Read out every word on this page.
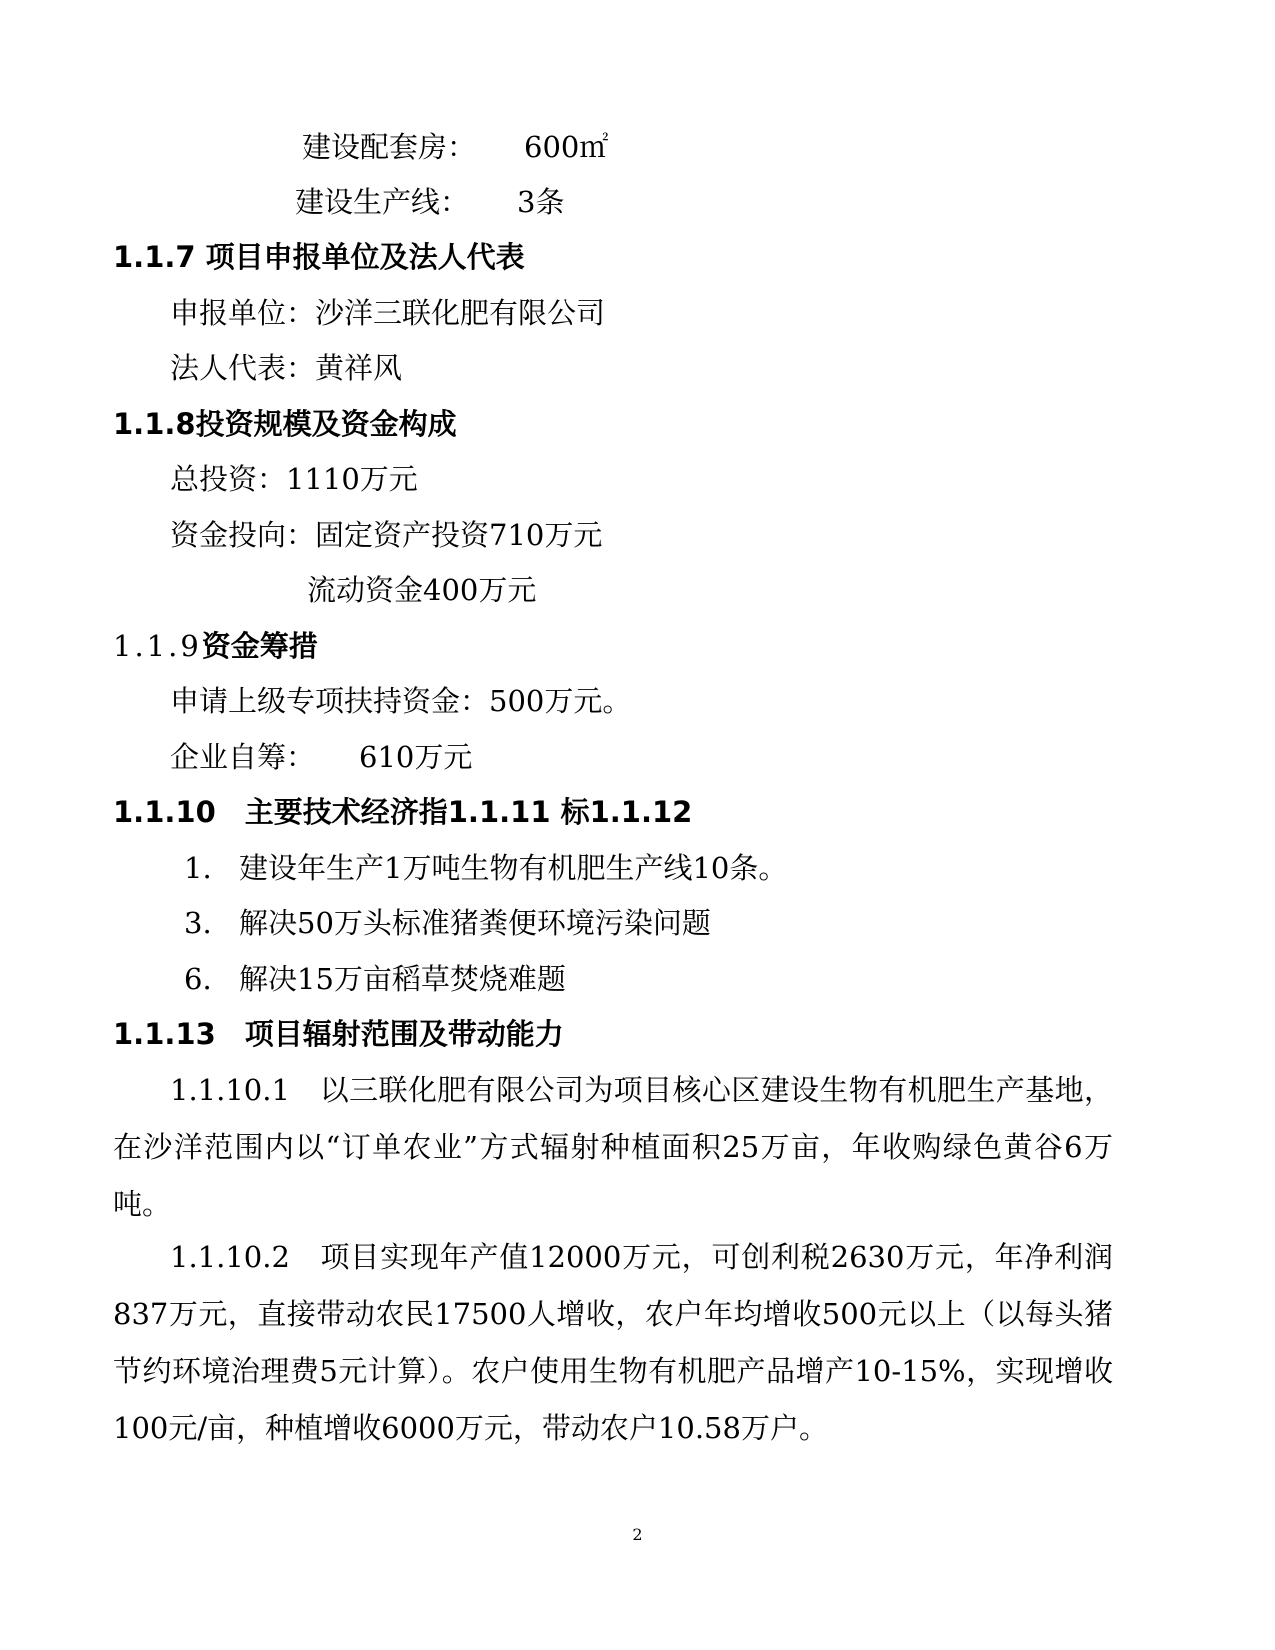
建设配套房： 600㎡
建设生产线： 3条
1.1.7 项目申报单位及法人代表
申报单位：沙洋三联化肥有限公司
法人代表：黄祥风
1.1.8投资规模及资金构成
总投资：1110万元
资金投向：固定资产投资710万元
流动资金400万元
1.1.9资金筹措
申请上级专项扶持资金：500万元。
企业自筹： 610万元
1.1.10　主要技术经济指1.1.11 标1.1.12
1. 建设年生产1万吨生物有机肥生产线10条。
3. 解决50万头标准猪粪便环境污染问题
6. 解决15万亩稻草焚烧难题
1.1.13　项目辐射范围及带动能力
1.1.10.1　以三联化肥有限公司为项目核心区建设生物有机肥生产基地，在沙洋范围内以“订单农业”方式辐射种植面积25万亩，年收购绿色黄谷6万吨。
1.1.10.2　项目实现年产值12000万元，可创利税2630万元，年净利润837万元，直接带动农民17500人增收，农户年均增收500元以上（以每头猪节约环境治理费5元计算）。农户使用生物有机肥产品增产10-15%，实现增收100元/亩，种植增收6000万元，带动农户10.58万户。
2
